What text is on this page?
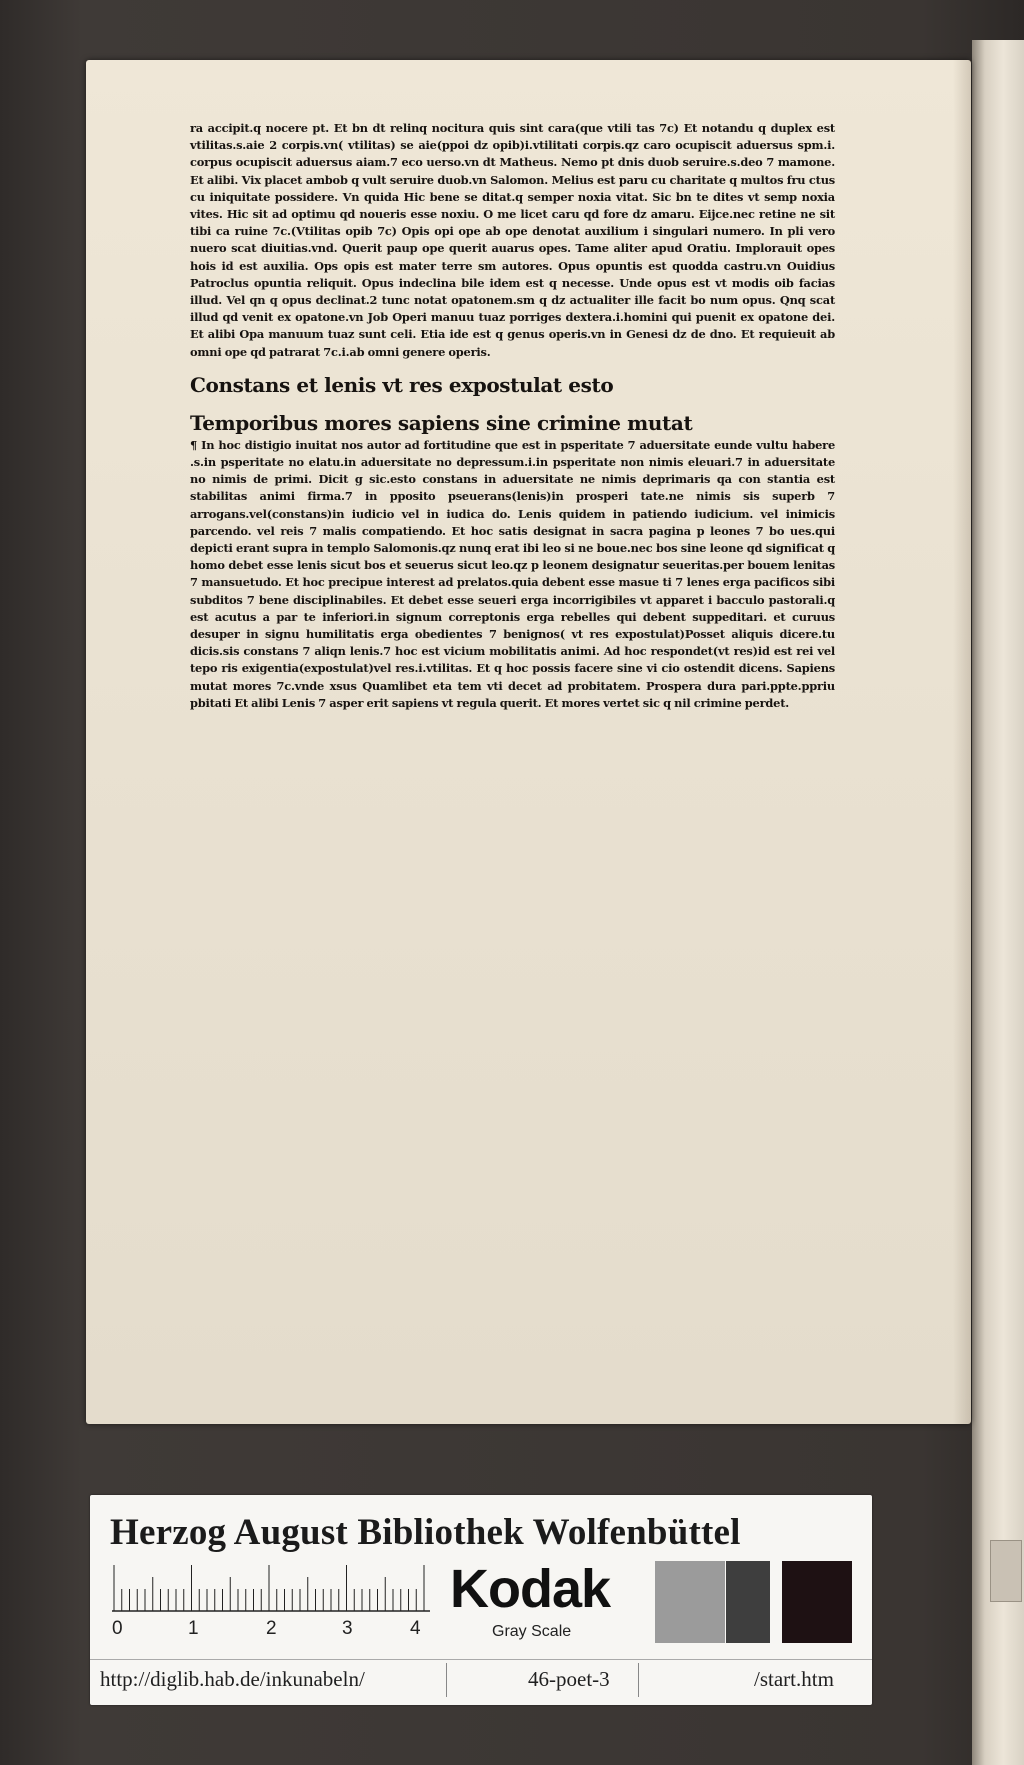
ra accipit.q nocere pt. Et bn dt relinq nocitura quis sint cara(que vtili tas 7c) Et notandu q duplex est vtilitas.s.aie 2 corpis.vn( vtilitas) se aie(ppoi dz opib)i.vtilitati corpis.qz caro ocupiscit aduersus spm.i. corpus ocupiscit aduersus aiam.7 eco uerso.vn dt Matheus. Nemo pt dnis duob seruire.s.deo 7 mamone. Et alibi. Vix placet ambob q vult seruire duob.vn Salomon. Melius est paru cu charitate q multos fru ctus cu iniquitate possidere. Vn quida Hic bene se ditat.q semper noxia vitat. Sic bn te dites vt semp noxia vites. Hic sit ad optimu qd noueris esse noxiu. O me licet caru qd fore dz amaru. Eijce.nec retine ne sit tibi ca ruine 7c.(Vtilitas opib 7c) Opis opi ope ab ope denotat auxilium i singulari numero. In pli vero nuero scat diuitias.vnd. Querit paup ope querit auarus opes. Tame aliter apud Oratiu. Implorauit opes hois id est auxilia. Ops opis est mater terre sm autores. Opus opuntis est quodda castru.vn Ouidius Patroclus opuntia reliquit. Opus indeclina bile idem est q necesse. Unde opus est vt modis oib facias illud. Vel qn q opus declinat.2 tunc notat opatonem.sm q dz actualiter ille facit bo num opus. Qnq scat illud qd venit ex opatone.vn Job Operi manuu tuaz porriges dextera.i.homini qui puenit ex opatone dei. Et alibi Opa manuum tuaz sunt celi. Etia ide est q genus operis.vn in Genesi dz de dno. Et requieuit ab omni ope qd patrarat 7c.i.ab omni genere operis.
Constans et lenis vt res expostulat esto
Temporibus mores sapiens sine crimine mutat
¶ In hoc distigio inuitat nos autor ad fortitudine que est in psperitate 7 aduersitate eunde vultu habere .s.in psperitate no elatu.in aduersitate no depressum.i.in psperitate non nimis eleuari.7 in aduersitate no nimis de primi. Dicit g sic.esto constans in aduersitate ne nimis deprimaris qa con stantia est stabilitas animi firma.7 in pposito pseuerans(lenis)in prosperi tate.ne nimis sis superb 7 arrogans.vel(constans)in iudicio vel in iudica do. Lenis quidem in patiendo iudicium. vel inimicis parcendo. vel reis 7 malis compatiendo. Et hoc satis designat in sacra pagina p leones 7 bo ues.qui depicti erant supra in templo Salomonis.qz nunq erat ibi leo si ne boue.nec bos sine leone qd significat q homo debet esse lenis sicut bos et seuerus sicut leo.qz p leonem designatur seueritas.per bouem lenitas 7 mansuetudo. Et hoc precipue interest ad prelatos.quia debent esse masue ti 7 lenes erga pacificos sibi subditos 7 bene disciplinabiles. Et debet esse seueri erga incorrigibiles vt apparet i bacculo pastorali.q est acutus a par te inferiori.in signum correptonis erga rebelles qui debent suppeditari. et curuus desuper in signu humilitatis erga obedientes 7 benignos( vt res expostulat)Posset aliquis dicere.tu dicis.sis constans 7 aliqn lenis.7 hoc est vicium mobilitatis animi. Ad hoc respondet(vt res)id est rei vel tepo ris exigentia(expostulat)vel res.i.vtilitas. Et q hoc possis facere sine vi cio ostendit dicens. Sapiens mutat mores 7c.vnde xsus Quamlibet eta tem vti decet ad probitatem. Prospera dura pari.ppte.ppriu pbitati Et alibi Lenis 7 asper erit sapiens vt regula querit. Et mores vertet sic q nil crimine perdet.
Herzog August Bibliothek Wolfenbüttel
0	1	2	3	4
Kodak
Gray Scale
http://diglib.hab.de/inkunabeln/	46-poet-3	/start.htm
